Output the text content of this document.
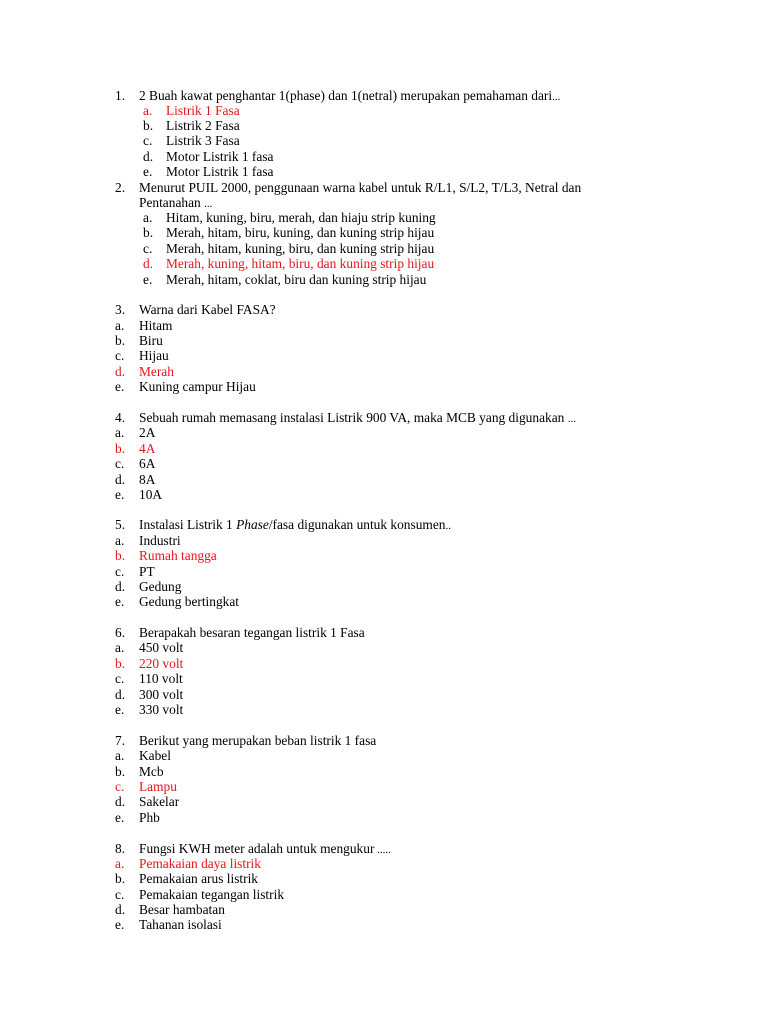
1.	2 Buah kawat penghantar 1(phase) dan 1(netral) merupakan pemahaman dari...
a.	Listrik 1 Fasa
b. Listrik 2 Fasa
c.	Listrik 3 Fasa
d. Motor Listrik 1 fasa
e.	Motor Listrik 1 fasa
2.	Menurut PUIL 2000, penggunaan warna kabel untuk R/L1, S/L2, T/L3, Netral dan
Pentanahan ...
a.	Hitam, kuning, biru, merah, dan hiaju strip kuning
b. Merah, hitam, biru, kuning, dan kuning strip hijau
c.	Merah, hitam, kuning, biru, dan kuning strip hijau
d. Merah, kuning, hitam, biru, dan kuning strip hijau
e.	Merah, hitam, coklat, biru dan kuning strip hijau
3.	Warna dari Kabel FASA?
a.	Hitam
b.	Biru
c.	Hijau
d.	Merah
e.	Kuning campur Hijau
4.	Sebuah rumah memasang instalasi Listrik 900 VA, maka MCB yang digunakan ...
a.	2A
b.	4A
c.	6A
d.	8A
e.	10A
5.	Instalasi Listrik 1 Phase/fasa digunakan untuk konsumen..
a.	Industri
b.	Rumah tangga
c.	PT
d.	Gedung
e.	Gedung bertingkat
6.	Berapakah besaran tegangan listrik 1 Fasa
a.	450 volt
b.	220 volt
c.	110 volt
d.	300 volt
e.	330 volt
7.	Berikut yang merupakan beban listrik 1 fasa
a.	Kabel
b.	Mcb
c.	Lampu
d.	Sakelar
e.	Phb
8.	Fungsi KWH meter adalah untuk mengukur .....
a.	Pemakaian daya listrik
b.	Pemakaian arus listrik
c.	Pemakaian tegangan listrik
d.	Besar hambatan
e.	Tahanan isolasi
